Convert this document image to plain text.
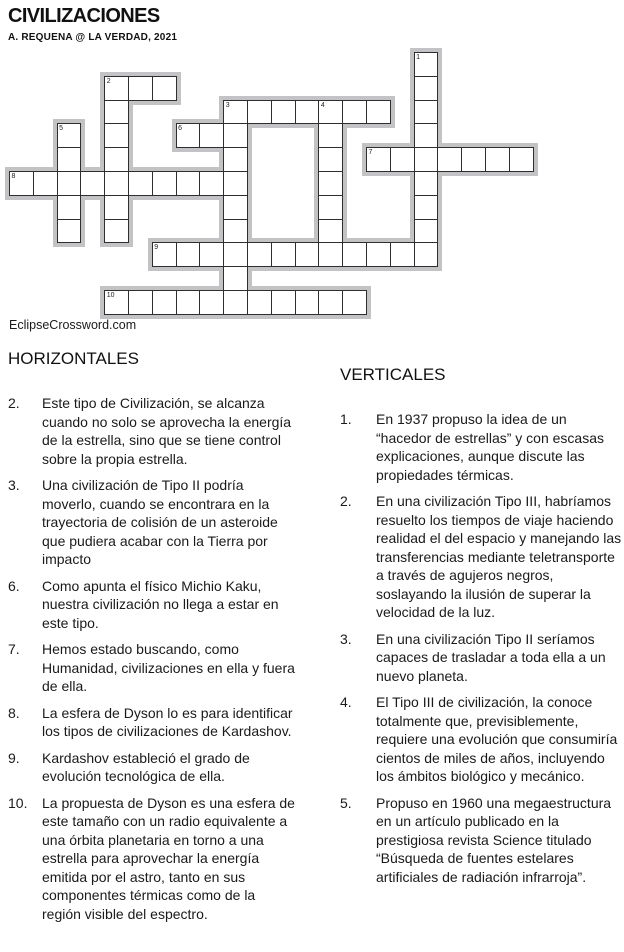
CIVILIZACIONES
A. REQUENA @ LA VERDAD, 2021
1
2
3	4
5	6
7
8
9
10
EclipseCrossword.com
HORIZONTALES
2.	Este tipo de Civilización, se alcanza cuando no solo se aprovecha la energía de la estrella, sino que se tiene control sobre la propia estrella.
3.	Una civilización de Tipo II podría moverlo, cuando se encontrara en la trayectoria de colisión de un asteroide que pudiera acabar con la Tierra por impacto
6.	Como apunta el físico Michio Kaku, nuestra civilización no llega a estar en este tipo.
7.	Hemos estado buscando, como Humanidad, civilizaciones en ella y fuera de ella.
8.	La esfera de Dyson lo es para identificar los tipos de civilizaciones de Kardashov.
9.	Kardashov estableció el grado de evolución tecnológica de ella.
10.	La propuesta de Dyson es una esfera de este tamaño con un radio equivalente a una órbita planetaria en torno a una estrella para aprovechar la energía emitida por el astro, tanto en sus componentes térmicas como de la región visible del espectro.
VERTICALES
1.	En 1937 propuso la idea de un “hacedor de estrellas” y con escasas explicaciones, aunque discute las propiedades térmicas.
2.	En una civilización Tipo III, habríamos resuelto los tiempos de viaje haciendo realidad el del espacio y manejando las transferencias mediante teletransporte a través de agujeros negros, soslayando la ilusión de superar la velocidad de la luz.
3.	En una civilización Tipo II seríamos capaces de trasladar a toda ella a un nuevo planeta.
4.	El Tipo III de civilización, la conoce totalmente que, previsiblemente, requiere una evolución que consumiría cientos de miles de años, incluyendo los ámbitos biológico y mecánico.
5.	Propuso en 1960 una megaestructura en un artículo publicado en la prestigiosa revista Science titulado “Búsqueda de fuentes estelares artificiales de radiación infrarroja”.
